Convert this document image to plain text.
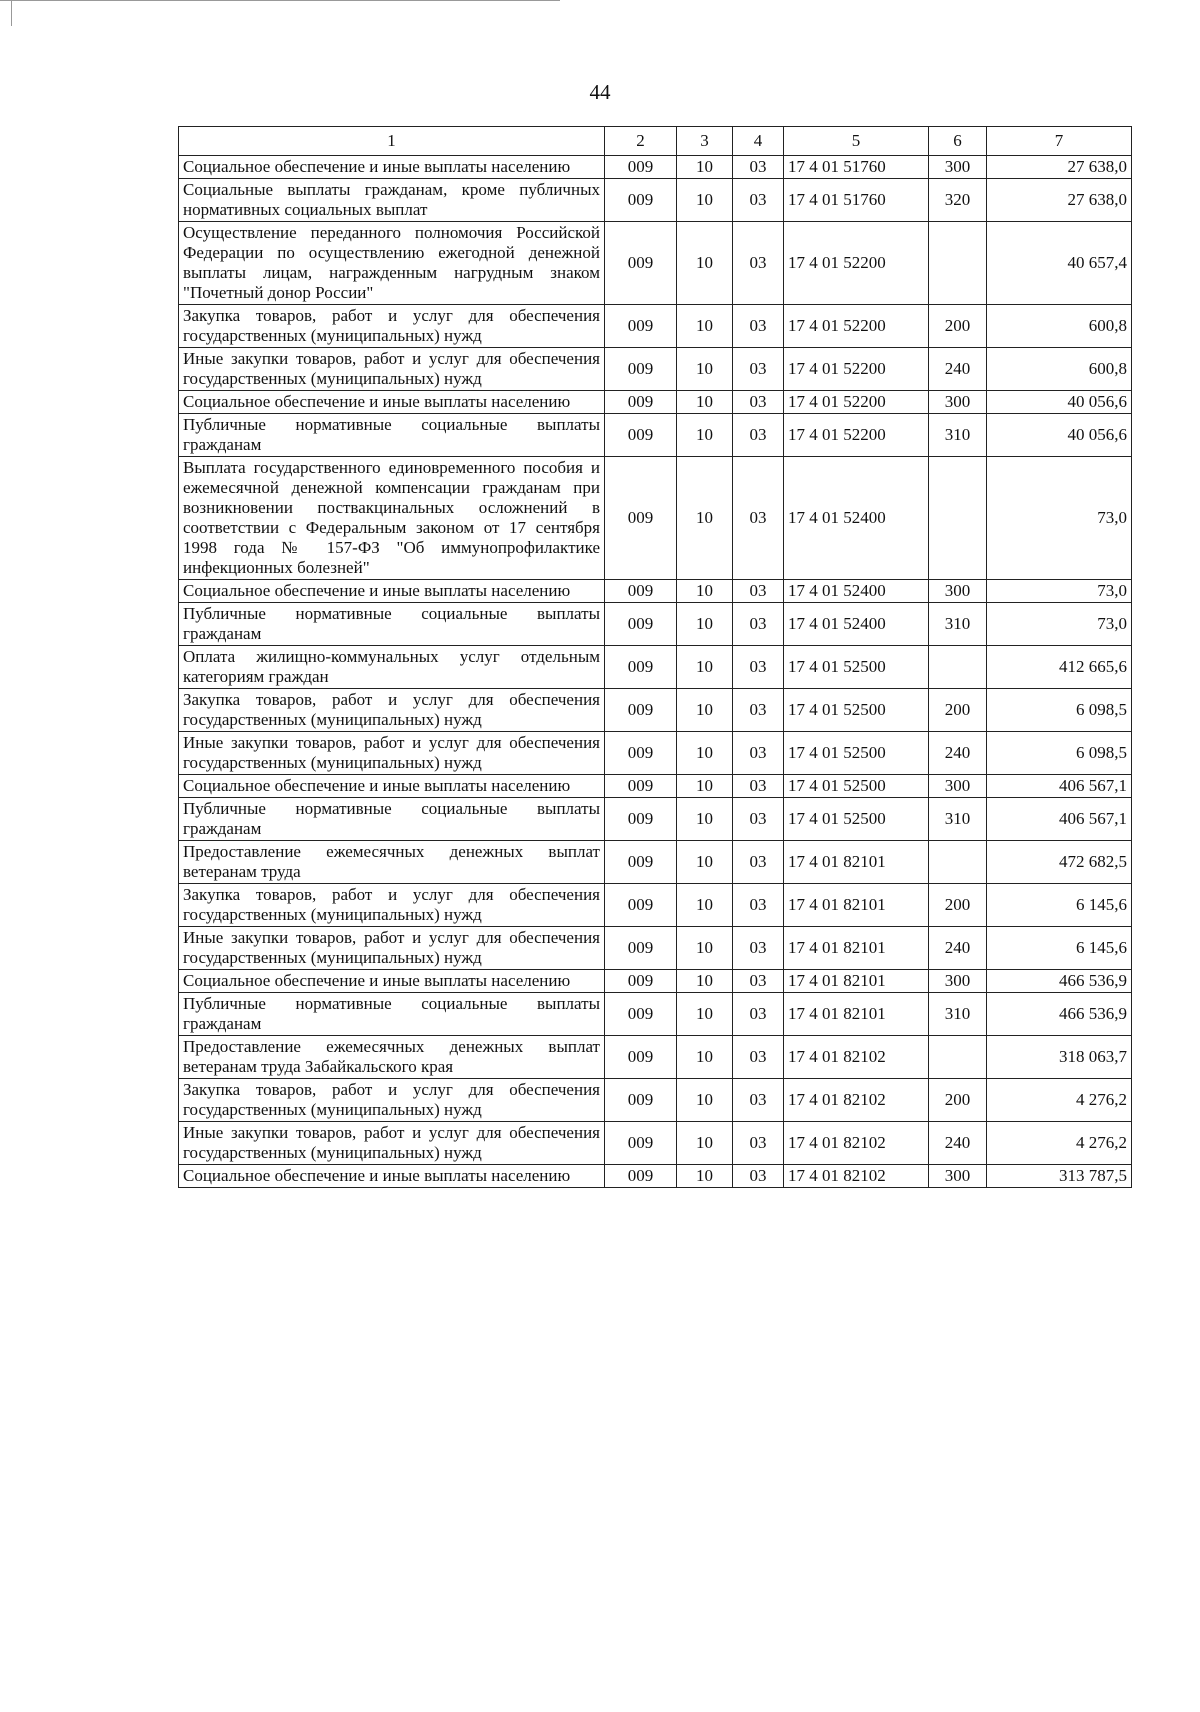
44
1	2	3	4	5	6	7
Социальное обеспечение и иные выплаты населению	009	10	03	17 4 01 51760	300	27 638,0
Социальные выплаты гражданам, кроме публичных нормативных социальных выплат	009	10	03	17 4 01 51760	320	27 638,0
Осуществление переданного полномочия Российской Федерации по осуществлению ежегодной денежной выплаты лицам, награжденным нагрудным знаком "Почетный донор России"	009	10	03	17 4 01 52200		40 657,4
Закупка товаров, работ и услуг для обеспечения государственных (муниципальных) нужд	009	10	03	17 4 01 52200	200	600,8
Иные закупки товаров, работ и услуг для обеспечения государственных (муниципальных) нужд	009	10	03	17 4 01 52200	240	600,8
Социальное обеспечение и иные выплаты населению	009	10	03	17 4 01 52200	300	40 056,6
Публичные нормативные социальные выплаты гражданам	009	10	03	17 4 01 52200	310	40 056,6
Выплата государственного единовременного пособия и ежемесячной денежной компенсации гражданам при возникновении поствакцинальных осложнений в соответствии с Федеральным законом от 17 сентября 1998 года № 157-ФЗ "Об иммунопрофилактике инфекционных болезней"	009	10	03	17 4 01 52400		73,0
Социальное обеспечение и иные выплаты населению	009	10	03	17 4 01 52400	300	73,0
Публичные нормативные социальные выплаты гражданам	009	10	03	17 4 01 52400	310	73,0
Оплата жилищно-коммунальных услуг отдельным категориям граждан	009	10	03	17 4 01 52500		412 665,6
Закупка товаров, работ и услуг для обеспечения государственных (муниципальных) нужд	009	10	03	17 4 01 52500	200	6 098,5
Иные закупки товаров, работ и услуг для обеспечения государственных (муниципальных) нужд	009	10	03	17 4 01 52500	240	6 098,5
Социальное обеспечение и иные выплаты населению	009	10	03	17 4 01 52500	300	406 567,1
Публичные нормативные социальные выплаты гражданам	009	10	03	17 4 01 52500	310	406 567,1
Предоставление ежемесячных денежных выплат ветеранам труда	009	10	03	17 4 01 82101		472 682,5
Закупка товаров, работ и услуг для обеспечения государственных (муниципальных) нужд	009	10	03	17 4 01 82101	200	6 145,6
Иные закупки товаров, работ и услуг для обеспечения государственных (муниципальных) нужд	009	10	03	17 4 01 82101	240	6 145,6
Социальное обеспечение и иные выплаты населению	009	10	03	17 4 01 82101	300	466 536,9
Публичные нормативные социальные выплаты гражданам	009	10	03	17 4 01 82101	310	466 536,9
Предоставление ежемесячных денежных выплат ветеранам труда Забайкальского края	009	10	03	17 4 01 82102		318 063,7
Закупка товаров, работ и услуг для обеспечения государственных (муниципальных) нужд	009	10	03	17 4 01 82102	200	4 276,2
Иные закупки товаров, работ и услуг для обеспечения государственных (муниципальных) нужд	009	10	03	17 4 01 82102	240	4 276,2
Социальное обеспечение и иные выплаты населению	009	10	03	17 4 01 82102	300	313 787,5
